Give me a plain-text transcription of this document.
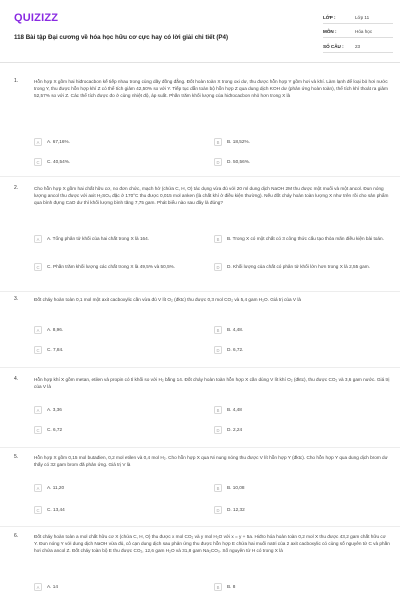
QUIZIZZ
118 Bài tập Đại cương về hóa học hữu cơ cực hay có lời giải chi tiết (P4)
LỚP :	Lớp 11
MÔN :	Hóa học
SỐ CÂU :	23
1.	Hỗn hợp X gồm hai hiđrocacbon kế tiếp nhau trong cùng dãy đồng đẳng. Đốt hoàn toàn X trong oxi dư, thu được hỗn hợp Y gồm hơi và khí. Làm lạnh để loại bỏ hơi nước trong Y, thu được hỗn hợp khí Z có thể tích giảm 42,50% so với Y. Tiếp tục dẫn toàn bộ hỗn hợp Z qua dung dịch KOH dư (phản ứng hoàn toàn), thể tích khí thoát ra giảm 52,57% so với Z. Các thể tích được đo ở cùng nhiệt độ, áp suất. Phần trăm khối lượng của hiđrocacbon nhỏ hơn trong X là
A	A. 67,16%.	B	B. 18,52%.
C	C. 40,54%.	D	D. 50,56%.
2.	Cho hỗn hợp X gồm hai chất hữu cơ, no đơn chức, mạch hở (chứa C, H, O) tác dụng vừa đủ với 20 ml dung dịch NaOH 2M thu được một muối và một ancol. Đun nóng lượng ancol thu được với axit H₂SO₄ đặc ở 170°C thu được 0,015 mol anken (là chất khí ở điều kiện thường). Nếu đốt cháy hoàn toàn lượng X như trên rồi cho sản phẩm qua bình đựng CaO dư thì khối lượng bình tăng 7,75 gam. Phát biểu nào sau đây là đúng?
A	A. Tổng phân tử khối của hai chất trong X là 164.	B	B. Trong X có một chất có 3 công thức cấu tạo thỏa mãn điều kiện bài toán.
C	C. Phần trăm khối lượng các chất trong X là 49,5% và 50,5%.	D	D. Khối lượng của chất có phân tử khối lớn hơn trong X là 2,55 gam.
3.	Đốt cháy hoàn toàn 0,1 mol một axit cacboxylic cần vừa đủ V lít O₂ (đktc) thu được 0,3 mol CO₂ và 5,4 gam H₂O. Giá trị của V là
A	A. 8,96.	B	B. 4,48.
C	C. 7,84.	D	D. 6,72.
4.	Hỗn hợp khí X gồm metan, etilen và propin có tỉ khối so với H₂ bằng 14. Đốt cháy hoàn toàn hỗn hợp X cần dùng V lít khí O₂ (đktc), thu được CO₂ và 3,6 gam nước. Giá trị của V là
A	A. 3,36	B	B. 4,48
C	C. 6,72	D	D. 2,24
5.	Hỗn hợp X gồm 0,15 mol butađien, 0,2 mol etilen và 0,4 mol H₂. Cho hỗn hợp X qua Ni nung nóng thu được V lít hỗn hợp Y (đktc). Cho hỗn hợp Y qua dung dịch brom dư thấy có 32 gam brom đã phản ứng. Giá trị V là
A	A. 11,20	B	B. 10,08
C	C. 13,44	D	D. 12,32
6.	Đốt cháy hoàn toàn a mol chất hữu cơ X (chứa C, H, O) thu được x mol CO₂ và y mol H₂O với x = y + 5a. Hiđro hóa hoàn toàn 0,2 mol X thu được 43,2 gam chất hữu cơ Y. Đun nóng Y với dung dịch NaOH vừa đủ, cô cạn dung dịch sau phản ứng thu được hỗn hợp E chứa hai muối natri của 2 axit cacboxylic có cùng số nguyên tử C và phần hơi chứa ancol Z. Đốt cháy toàn bộ E thu được CO₂, 12,6 gam H₂O và 31,8 gam Na₂CO₃. Số nguyên tử H có trong X là
A	A. 14	B	B. 8
